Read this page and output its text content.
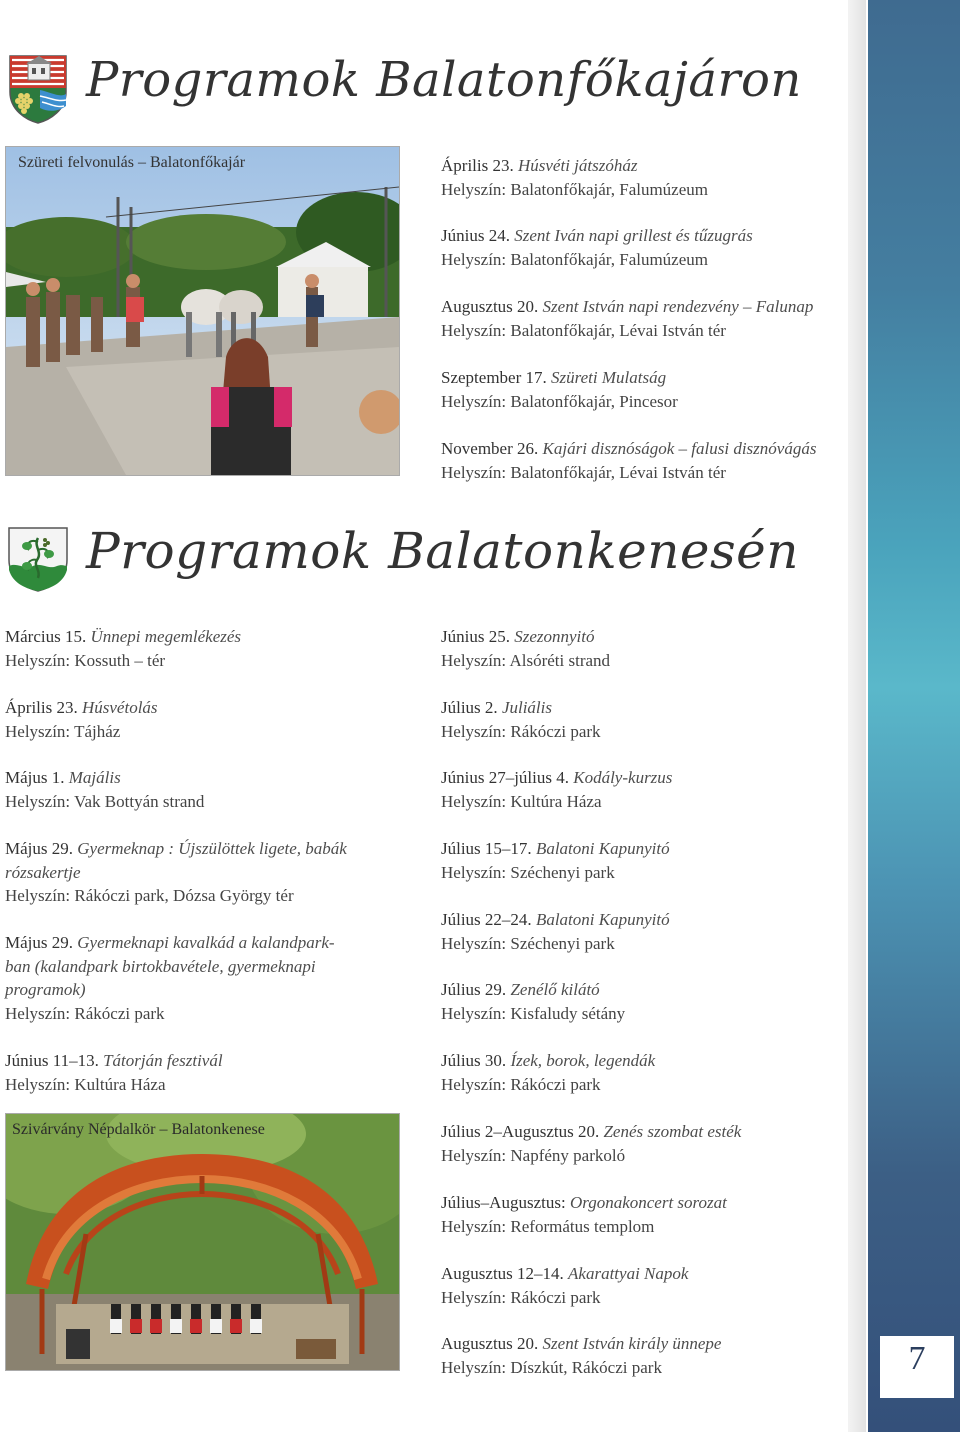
7
Programok Balatonfőkajáron
Szüreti felvonulás – Balatonfőkajár	Április 23. Húsvéti játszóház
Helyszín: Balatonfőkajár, Falumúzeum
Június 24. Szent Iván napi grillest és tűzugrás
Helyszín: Balatonfőkajár, Falumúzeum
Augusztus 20. Szent István napi rendezvény – Falunap
Helyszín: Balatonfőkajár, Lévai István tér
Szeptember 17. Szüreti Mulatság
Helyszín: Balatonfőkajár, Pincesor
November 26. Kajári disznóságok – falusi disznóvágás
Helyszín: Balatonfőkajár, Lévai István tér
Programok Balatonkenesén
Március 15. Ünnepi megemlékezés
Helyszín: Kossuth – tér
Április 23. Húsvétolás
Helyszín: Tájház
Május 1. Majális
Helyszín: Vak Bottyán strand
Május 29. Gyermeknap : Újszülöttek ligete, babák
rózsakertje
Helyszín: Rákóczi park, Dózsa György tér
Május 29. Gyermeknapi kavalkád a kalandpark-
ban (kalandpark birtokbavétele, gyermeknapi
programok)
Helyszín: Rákóczi park
Június 11–13. Tátorján fesztivál
Helyszín: Kultúra Háza
Szivárvány Népdalkör – Balatonkenese
Június 25. Szezonnyitó
Helyszín: Alsóréti strand
Július 2. Juliális
Helyszín: Rákóczi park
Június 27–július 4. Kodály-kurzus
Helyszín: Kultúra Háza
Július 15–17. Balatoni Kapunyitó
Helyszín: Széchenyi park
Július 22–24. Balatoni Kapunyitó
Helyszín: Széchenyi park
Július 29. Zenélő kilátó
Helyszín: Kisfaludy sétány
Július 30. Ízek, borok, legendák
Helyszín: Rákóczi park
Július 2–Augusztus 20. Zenés szombat esték
Helyszín: Napfény parkoló
Július–Augusztus: Orgonakoncert sorozat
Helyszín: Református templom
Augusztus 12–14. Akarattyai Napok
Helyszín: Rákóczi park
Augusztus 20. Szent István király ünnepe
Helyszín: Díszkút, Rákóczi park
